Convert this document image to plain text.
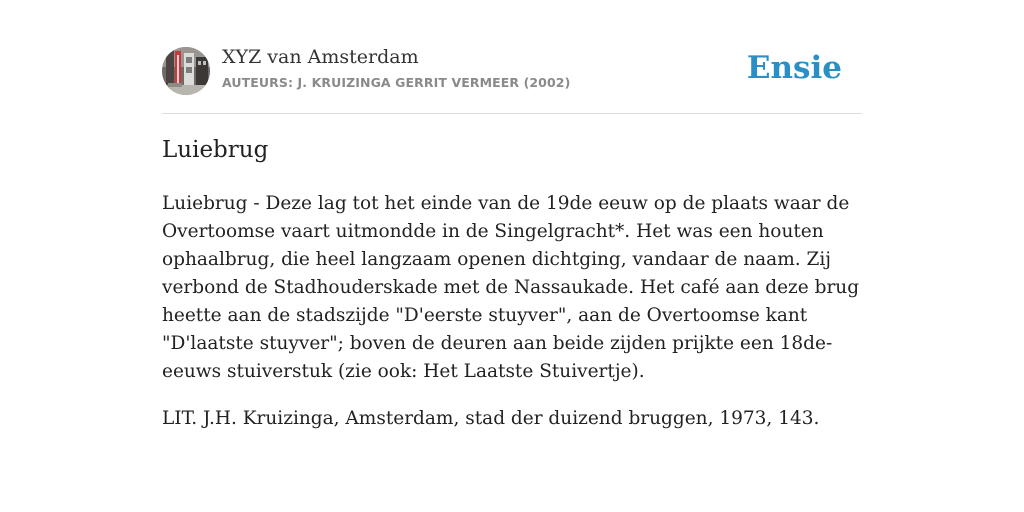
XYZ van Amsterdam
AUTEURS: J. KRUIZINGA GERRIT VERMEER (2002)	Ensie
Luiebrug

Luiebrug - Deze lag tot het einde van de 19de eeuw op de plaats waar de Overtoomse vaart uitmondde in de Singelgracht*. Het was een houten ophaalbrug, die heel langzaam openen dichtging, vandaar de naam. Zij verbond de Stadhouderskade met de Nassaukade. Het café aan deze brug heette aan de stadszijde "D'eerste stuyver", aan de Overtoomse kant "D'laatste stuyver"; boven de deuren aan beide zijden prijkte een 18de-eeuws stuiverstuk (zie ook: Het Laatste Stuivertje).

LIT. J.H. Kruizinga, Amsterdam, stad der duizend bruggen, 1973, 143.
